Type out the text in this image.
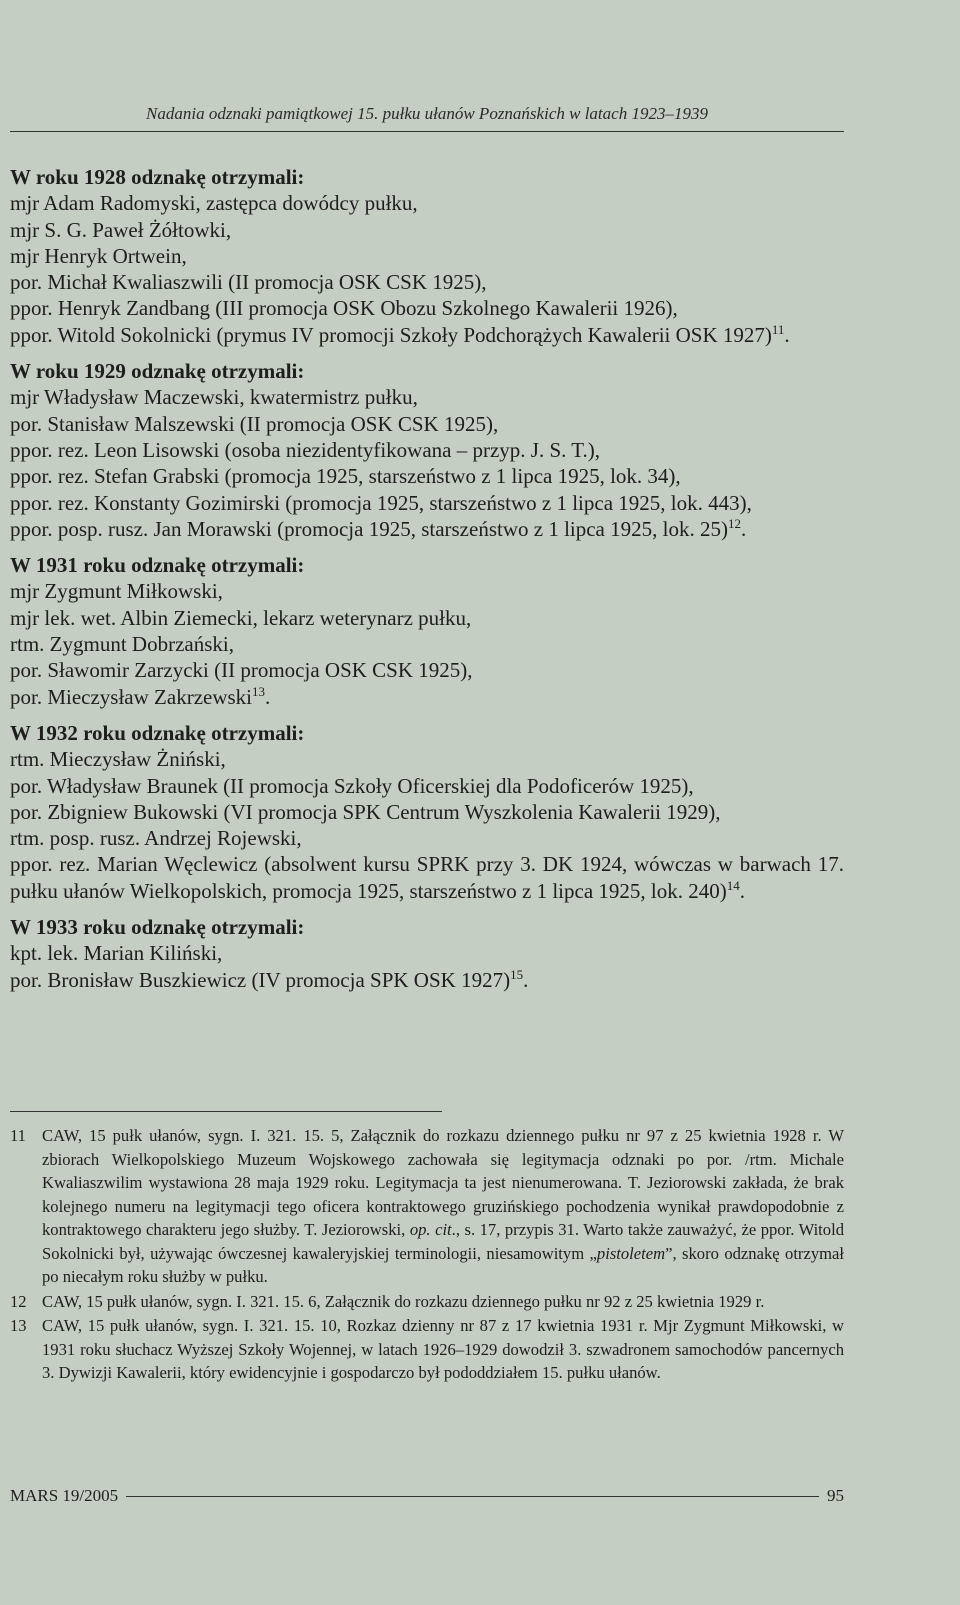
Nadania odznaki pamiątkowej 15. pułku ułanów Poznańskich w latach 1923–1939
W roku 1928 odznakę otrzymali:
mjr Adam Radomyski, zastępca dowódcy pułku,
mjr S. G. Paweł Żółtowki,
mjr Henryk Ortwein,
por. Michał Kwaliaszwili (II promocja OSK CSK 1925),
ppor. Henryk Zandbang (III promocja OSK Obozu Szkolnego Kawalerii 1926),
ppor. Witold Sokolnicki (prymus IV promocji Szkoły Podchorążych Kawalerii OSK 1927)$^{11}$.
W roku 1929 odznakę otrzymali:
mjr Władysław Maczewski, kwatermistrz pułku,
por. Stanisław Malszewski (II promocja OSK CSK 1925),
ppor. rez. Leon Lisowski (osoba niezidentyfikowana – przyp. J. S. T.),
ppor. rez. Stefan Grabski (promocja 1925, starszeństwo z 1 lipca 1925, lok. 34),
ppor. rez. Konstanty Gozimirski (promocja 1925, starszeństwo z 1 lipca 1925, lok. 443),
ppor. posp. rusz. Jan Morawski (promocja 1925, starszeństwo z 1 lipca 1925, lok. 25)$^{12}$.
W 1931 roku odznakę otrzymali:
mjr Zygmunt Miłkowski,
mjr lek. wet. Albin Ziemecki, lekarz weterynarz pułku,
rtm. Zygmunt Dobrzański,
por. Sławomir Zarzycki (II promocja OSK CSK 1925),
por. Mieczysław Zakrzewski$^{13}$.
W 1932 roku odznakę otrzymali:
rtm. Mieczysław Żniński,
por. Władysław Braunek (II promocja Szkoły Oficerskiej dla Podoficerów 1925),
por. Zbigniew Bukowski (VI promocja SPK Centrum Wyszkolenia Kawalerii 1929),
rtm. posp. rusz. Andrzej Rojewski,
ppor. rez. Marian Węclewicz (absolwent kursu SPRK przy 3. DK 1924, wówczas w barwach 17. pułku ułanów Wielkopolskich, promocja 1925, starszeństwo z 1 lipca 1925, lok. 240)$^{14}$.
W 1933 roku odznakę otrzymali:
kpt. lek. Marian Kiliński,
por. Bronisław Buszkiewicz (IV promocja SPK OSK 1927)$^{15}$.
11 CAW, 15 pułk ułanów, sygn. I. 321. 15. 5, Załącznik do rozkazu dziennego pułku nr 97 z 25 kwietnia 1928 r. W zbiorach Wielkopolskiego Muzeum Wojskowego zachowała się legitymacja odznaki po por. /rtm. Michale Kwaliaszwilim wystawiona 28 maja 1929 roku. Legitymacja ta jest nienumerowana. T. Jeziorowski zakłada, że brak kolejnego numeru na legitymacji tego oficera kontraktowego gruzińskiego pochodzenia wynikał prawdopodobnie z kontraktowego charakteru jego służby. T. Jeziorowski, op. cit., s. 17, przypis 31. Warto także zauważyć, że ppor. Witold Sokolnicki był, używając ówczesnej kawaleryjskiej terminologii, niesamowitym „pistoletem”, skoro odznakę otrzymał po niecałym roku służby w pułku.
12 CAW, 15 pułk ułanów, sygn. I. 321. 15. 6, Załącznik do rozkazu dziennego pułku nr 92 z 25 kwietnia 1929 r.
13 CAW, 15 pułk ułanów, sygn. I. 321. 15. 10, Rozkaz dzienny nr 87 z 17 kwietnia 1931 r. Mjr Zygmunt Miłkowski, w 1931 roku słuchacz Wyższej Szkoły Wojennej, w latach 1926–1929 dowodził 3. szwadronem samochodów pancernych 3. Dywizji Kawalerii, który ewidencyjnie i gospodarczo był pododdziałem 15. pułku ułanów.
MARS 19/2005	95
